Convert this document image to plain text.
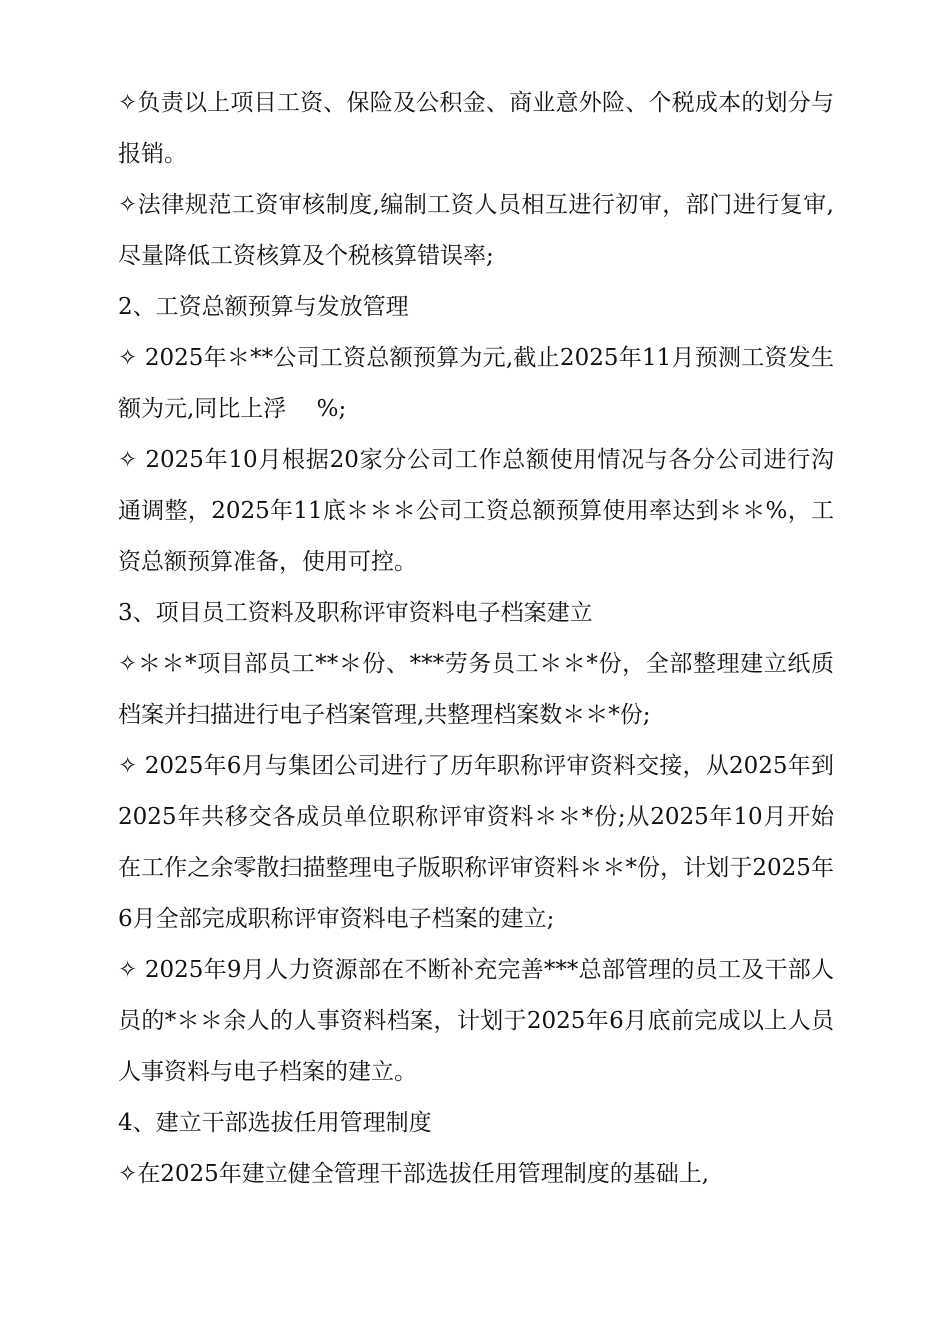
✧负责以上项目工资、保险及公积金、商业意外险、个税成本的划分与报销。

✧法律规范工资审核制度,编制工资人员相互进行初审，部门进行复审,尽量降低工资核算及个税核算错误率;

2、工资总额预算与发放管理

✧ 2025年＊**公司工资总额预算为元,截止2025年11月预测工资发生额为元,同比上浮　 %;

✧ 2025年10月根据20家分公司工作总额使用情况与各分公司进行沟通调整，2025年11底＊＊＊公司工资总额预算使用率达到＊＊%，工资总额预算准备，使用可控。

3、项目员工资料及职称评审资料电子档案建立

✧＊＊*项目部员工**＊份、***劳务员工＊＊*份，全部整理建立纸质档案并扫描进行电子档案管理,共整理档案数＊＊*份;

✧ 2025年6月与集团公司进行了历年职称评审资料交接，从2025年到2025年共移交各成员单位职称评审资料＊＊*份;从2025年10月开始在工作之余零散扫描整理电子版职称评审资料＊＊*份，计划于2025年6月全部完成职称评审资料电子档案的建立;

✧ 2025年9月人力资源部在不断补充完善***总部管理的员工及干部人员的*＊＊余人的人事资料档案，计划于2025年6月底前完成以上人员人事资料与电子档案的建立。

4、建立干部选拔任用管理制度

✧在2025年建立健全管理干部选拔任用管理制度的基础上,
